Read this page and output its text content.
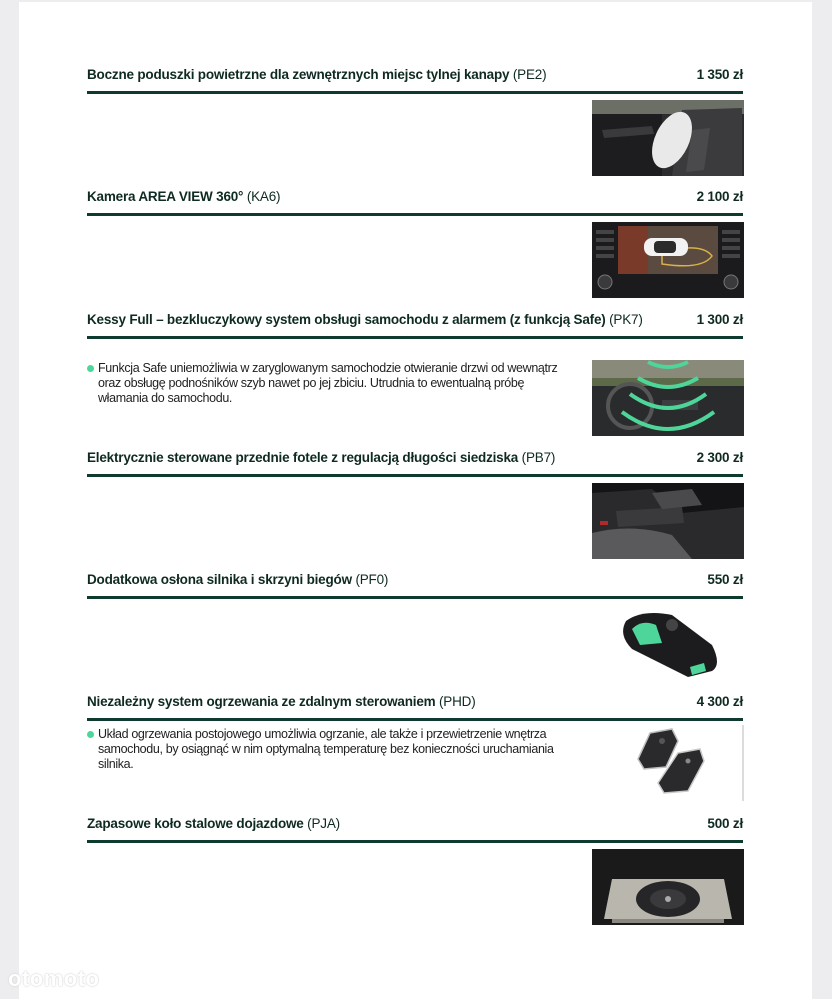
Boczne poduszki powietrzne dla zewnętrznych miejsc tylnej kanapy (PE2)	1 350 zł
Kamera AREA VIEW 360° (KA6)	2 100 zł
Kessy Full – bezkluczykowy system obsługi samochodu z alarmem (z funkcją Safe) (PK7)	1 300 zł
Funkcja Safe uniemożliwia w zaryglowanym samochodzie otwieranie drzwi od wewnątrz oraz obsługę podnośników szyb nawet po jej zbiciu. Utrudnia to ewentualną próbę włamania do samochodu.
Elektrycznie sterowane przednie fotele z regulacją długości siedziska (PB7)	2 300 zł
Dodatkowa osłona silnika i skrzyni biegów (PF0)	550 zł
Niezależny system ogrzewania ze zdalnym sterowaniem (PHD)	4 300 zł
Układ ogrzewania postojowego umożliwia ogrzanie, ale także i przewietrzenie wnętrza samochodu, by osiągnąć w nim optymalną temperaturę bez konieczności uruchamiania silnika.
Zapasowe koło stalowe dojazdowe (PJA)	500 zł
otomoto
